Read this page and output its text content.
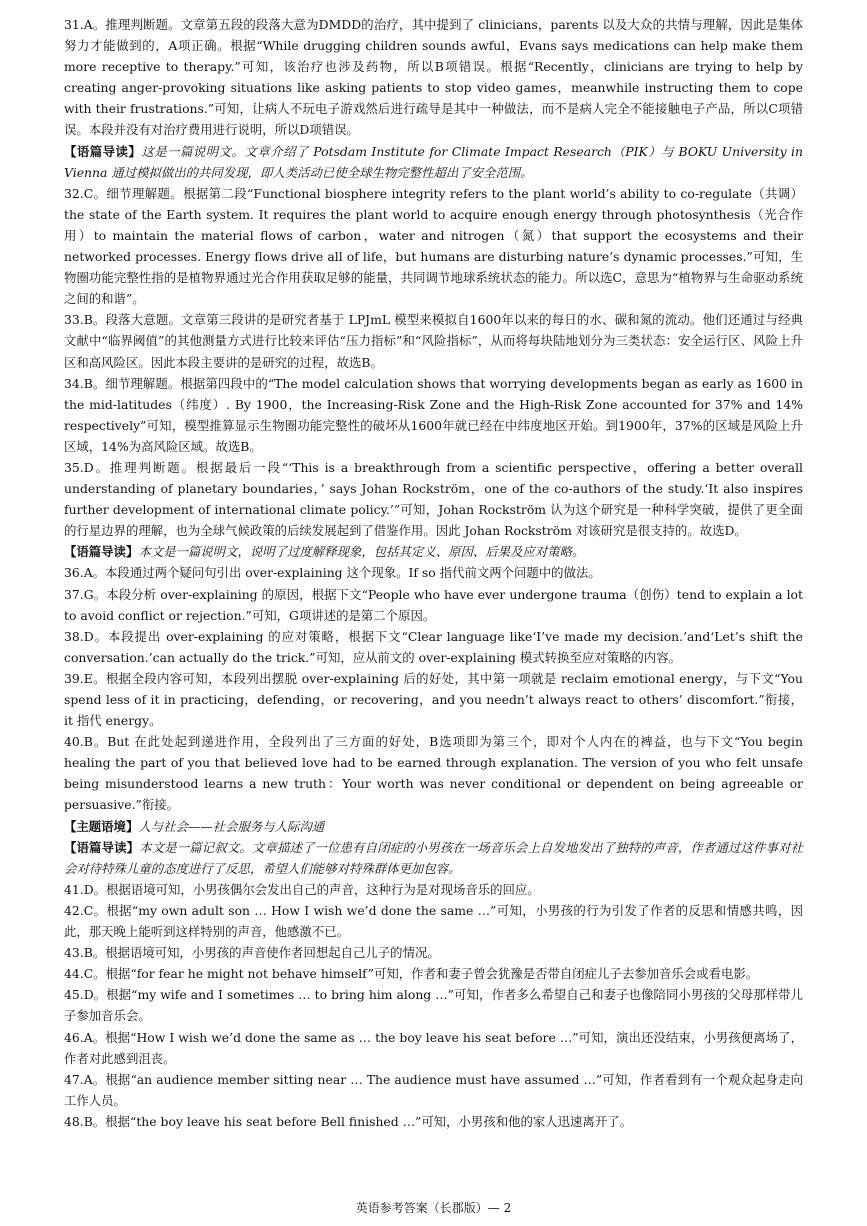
31.A。推理判断题。文章第五段的段落大意为DMDD的治疗，其中提到了 clinicians，parents 以及大众的共情与理解，因此是集体努力才能做到的，A项正确。根据“While drugging children sounds awful，Evans says medications can help make them more receptive to therapy.”可知，该治疗也涉及药物，所以B项错误。根据“Recently，clinicians are trying to help by creating anger-provoking situations like asking patients to stop video games，meanwhile instructing them to cope with their frustrations.”可知，让病人不玩电子游戏然后进行疏导是其中一种做法，而不是病人完全不能接触电子产品，所以C项错误。本段并没有对治疗费用进行说明，所以D项错误。

【语篇导读】这是一篇说明文。文章介绍了 Potsdam Institute for Climate Impact Research（PIK）与 BOKU University in Vienna 通过模拟做出的共同发现，即人类活动已使全球生物完整性超出了安全范围。

32.C。细节理解题。根据第二段“Functional biosphere integrity refers to the plant world’s ability to co-regulate（共调）the state of the Earth system. It requires the plant world to acquire enough energy through photosynthesis（光合作用）to maintain the material flows of carbon，water and nitrogen（氮）that support the ecosystems and their networked processes. Energy flows drive all of life，but humans are disturbing nature’s dynamic processes.”可知，生物圈功能完整性指的是植物界通过光合作用获取足够的能量，共同调节地球系统状态的能力。所以选C，意思为“植物界与生命驱动系统之间的和谐”。

33.B。段落大意题。文章第三段讲的是研究者基于 LPJmL 模型来模拟自1600年以来的每日的水、碳和氮的流动。他们还通过与经典文献中“临界阈值”的其他测量方式进行比较来评估“压力指标”和“风险指标”，从而将每块陆地划分为三类状态：安全运行区、风险上升区和高风险区。因此本段主要讲的是研究的过程，故选B。

34.B。细节理解题。根据第四段中的“The model calculation shows that worrying developments began as early as 1600 in the mid-latitudes（纬度）. By 1900，the Increasing-Risk Zone and the High-Risk Zone accounted for 37% and 14% respectively”可知，模型推算显示生物圈功能完整性的破坏从1600年就已经在中纬度地区开始。到1900年，37%的区域是风险上升区域，14%为高风险区域。故选B。

35.D。推理判断题。根据最后一段“‘This is a breakthrough from a scientific perspective，offering a better overall understanding of planetary boundaries，’ says Johan Rockström，one of the co-authors of the study.‘It also inspires further development of international climate policy.’”可知，Johan Rockström 认为这个研究是一种科学突破，提供了更全面的行星边界的理解，也为全球气候政策的后续发展起到了借鉴作用。因此 Johan Rockström 对该研究是很支持的。故选D。

【语篇导读】本文是一篇说明文，说明了过度解释现象，包括其定义、原因、后果及应对策略。

36.A。本段通过两个疑问句引出 over-explaining 这个现象。If so 指代前文两个问题中的做法。

37.G。本段分析 over-explaining 的原因，根据下文“People who have ever undergone trauma（创伤）tend to explain a lot to avoid conflict or rejection.”可知，G项讲述的是第二个原因。

38.D。本段提出 over-explaining 的应对策略，根据下文“Clear language like‘I’ve made my decision.’and‘Let’s shift the conversation.’can actually do the trick.”可知，应从前文的 over-explaining 模式转换至应对策略的内容。

39.E。根据全段内容可知，本段列出摆脱 over-explaining 后的好处，其中第一项就是 reclaim emotional energy，与下文“You spend less of it in practicing，defending，or recovering，and you needn’t always react to others’ discomfort.”衔接，it 指代 energy。

40.B。But 在此处起到递进作用，全段列出了三方面的好处，B选项即为第三个，即对个人内在的裨益，也与下文“You begin healing the part of you that believed love had to be earned through explanation. The version of you who felt unsafe being misunderstood learns a new truth：Your worth was never conditional or dependent on being agreeable or persuasive.”衔接。

【主题语境】人与社会——社会服务与人际沟通

【语篇导读】本文是一篇记叙文。文章描述了一位患有自闭症的小男孩在一场音乐会上自发地发出了独特的声音，作者通过这件事对社会对待特殊儿童的态度进行了反思，希望人们能够对特殊群体更加包容。

41.D。根据语境可知，小男孩偶尔会发出自己的声音，这种行为是对现场音乐的回应。

42.C。根据“my own adult son … How I wish we’d done the same …”可知，小男孩的行为引发了作者的反思和情感共鸣，因此，那天晚上能听到这样特别的声音，他感激不已。

43.B。根据语境可知，小男孩的声音使作者回想起自己儿子的情况。

44.C。根据“for fear he might not behave himself”可知，作者和妻子曾会犹豫是否带自闭症儿子去参加音乐会或看电影。

45.D。根据“my wife and I sometimes … to bring him along …”可知，作者多么希望自己和妻子也像陪同小男孩的父母那样带儿子参加音乐会。

46.A。根据“How I wish we’d done the same as … the boy leave his seat before …”可知，演出还没结束，小男孩便离场了，作者对此感到沮丧。

47.A。根据“an audience member sitting near … The audience must have assumed …”可知，作者看到有一个观众起身走向工作人员。

48.B。根据“the boy leave his seat before Bell finished …”可知，小男孩和他的家人迅速离开了。

英语参考答案（长郡版）— 2
